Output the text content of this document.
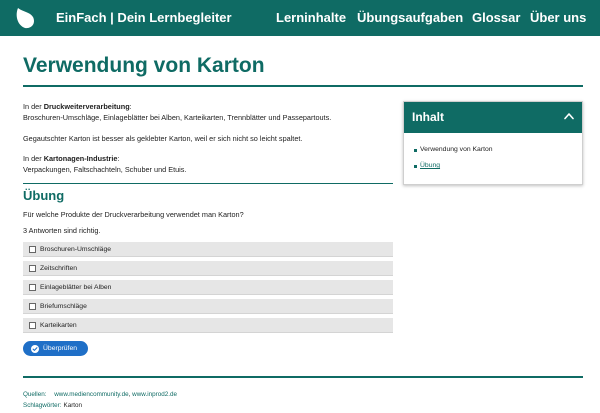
EinFach | Dein Lernbegleiter	Lerninhalte Übungsaufgaben Glossar Über uns
Verwendung von Karton
In der Druckweiterverarbeitung:
Broschuren-Umschläge, Einlageblätter bei Alben, Karteikarten, Trennblätter und Passepartouts.
Gegautschter Karton ist besser als geklebter Karton, weil er sich nicht so leicht spaltet.
In der Kartonagen-Industrie:
Verpackungen, Faltschachteln, Schuber und Etuis.
Übung
Für welche Produkte der Druckverarbeitung verwendet man Karton?
3 Antworten sind richtig.
Broschuren-Umschläge
Zeitschriften
Einlageblätter bei Alben
Briefumschläge
Karteikarten
Überprüfen
Inhalt
Verwendung von Karton
Übung
Quellen: www.mediencommunity.de, www.inprod2.de
Schlagwörter: Karton
